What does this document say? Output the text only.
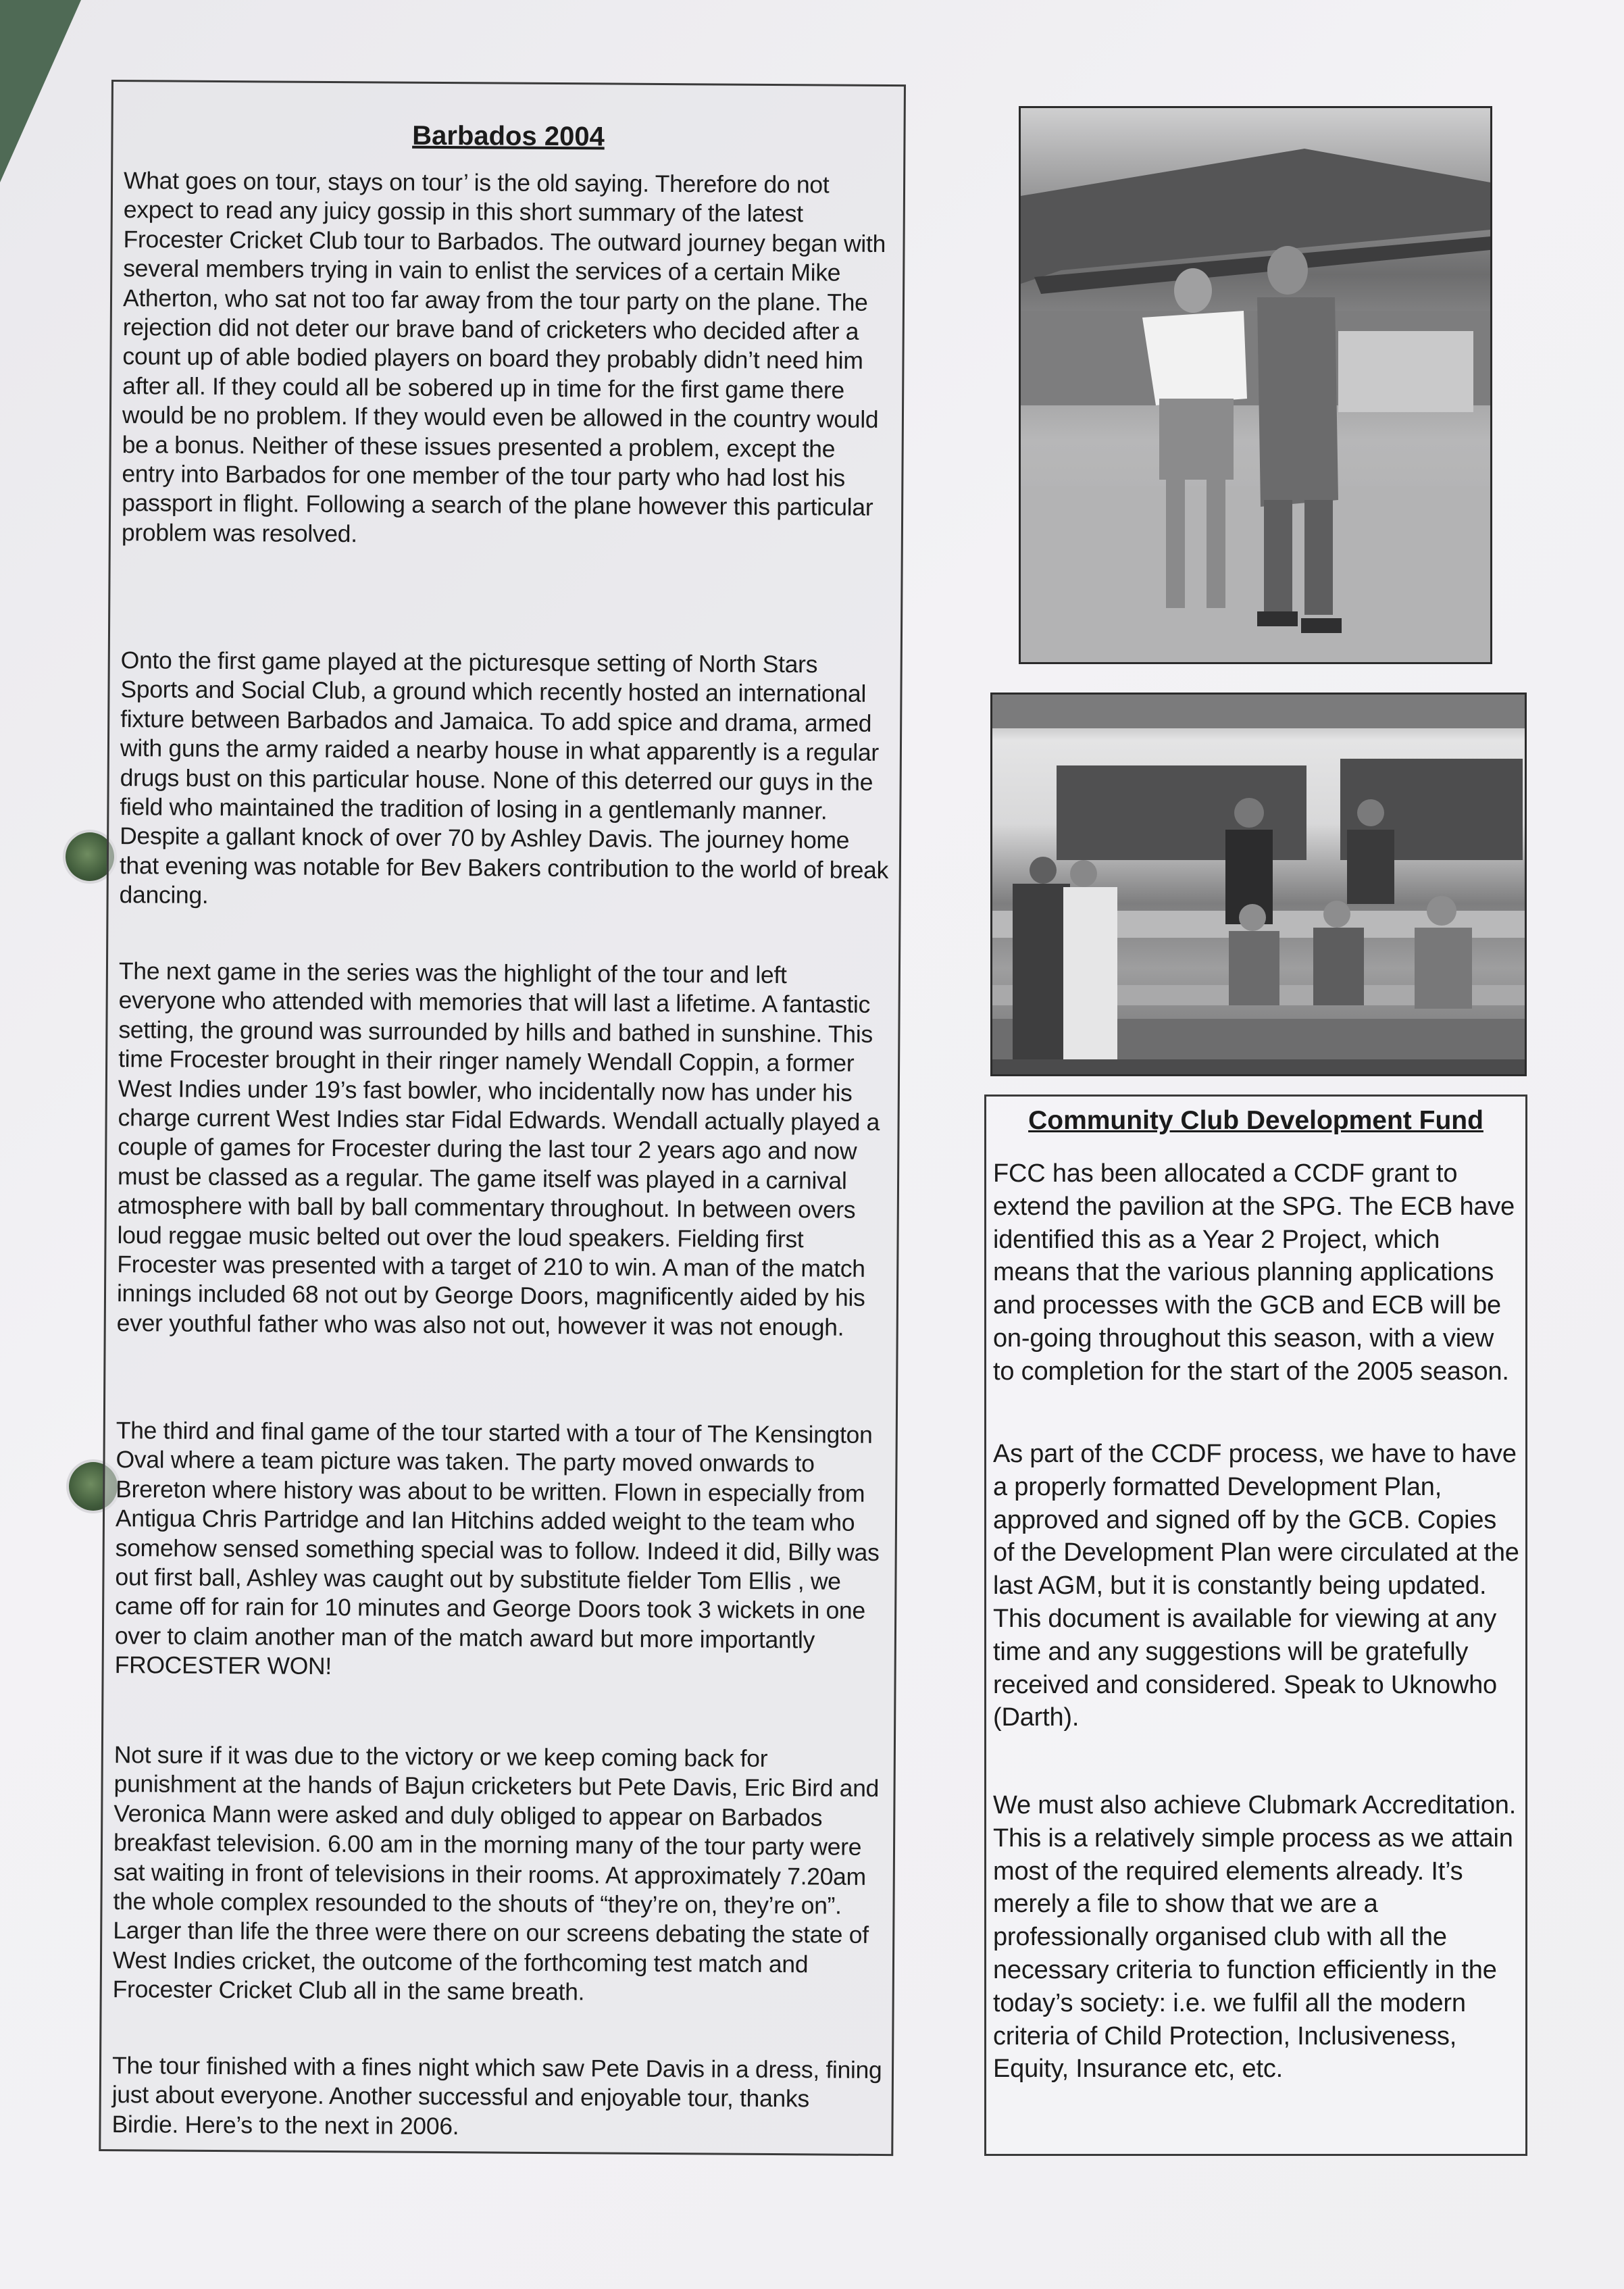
Barbados 2004
What goes on tour, stays on tour’ is the old saying. Therefore do not expect to read any juicy gossip in this short summary of the latest Frocester Cricket Club tour to Barbados. The outward journey began with several members trying in vain to enlist the services of a certain Mike Atherton, who sat not too far away from the tour party on the plane. The rejection did not deter our brave band of cricketers who decided after a count up of able bodied players on board they probably didn’t need him after all. If they could all be sobered up in time for the first game there would be no problem. If they would even be allowed in the country would be a bonus. Neither of these issues presented a problem, except the entry into Barbados for one member of the tour party who had lost his passport in flight. Following a search of the plane however this particular problem was resolved.
Onto the first game played at the picturesque setting of North Stars Sports and Social Club, a ground which recently hosted an international fixture between Barbados and Jamaica. To add spice and drama, armed with guns the army raided a nearby house in what apparently is a regular drugs bust on this particular house. None of this deterred our guys in the field who maintained the tradition of losing in a gentlemanly manner. Despite a gallant knock of over 70 by Ashley Davis. The journey home that evening was notable for Bev Bakers contribution to the world of break dancing.
The next game in the series was the highlight of the tour and left everyone who attended with memories that will last a lifetime. A fantastic setting, the ground was surrounded by hills and bathed in sunshine. This time Frocester brought in their ringer namely Wendall Coppin, a former West Indies under 19’s fast bowler, who incidentally now has under his charge current West Indies star Fidal Edwards. Wendall actually played a couple of games for Frocester during the last tour 2 years ago and now must be classed as a regular. The game itself was played in a carnival atmosphere with ball by ball commentary throughout. In between overs loud reggae music belted out over the loud speakers. Fielding first Frocester was presented with a target of 210 to win. A man of the match innings included 68 not out by George Doors, magnificently aided by his ever youthful father who was also not out, however it was not enough.
The third and final game of the tour started with a tour of The Kensington Oval where a team picture was taken. The party moved onwards to Brereton where history was about to be written. Flown in especially from Antigua Chris Partridge and Ian Hitchins added weight to the team who somehow sensed something special was to follow. Indeed it did, Billy was out first ball, Ashley was caught out by substitute fielder Tom Ellis , we came off for rain for 10 minutes and George Doors took 3 wickets in one over to claim another man of the match award but more importantly FROCESTER WON!
Not sure if it was due to the victory or we keep coming back for punishment at the hands of Bajun cricketers but Pete Davis, Eric Bird and Veronica Mann were asked and duly obliged to appear on Barbados breakfast television. 6.00 am in the morning many of the tour party were sat waiting in front of televisions in their rooms. At approximately 7.20am the whole complex resounded to the shouts of “they’re on, they’re on”. Larger than life the three were there on our screens debating the state of West Indies cricket, the outcome of the forthcoming test match and Frocester Cricket Club all in the same breath.
The tour finished with a fines night which saw Pete Davis in a dress, fining just about everyone. Another successful and enjoyable tour, thanks Birdie. Here’s to the next in 2006.
Community Club Development Fund
FCC has been allocated a CCDF grant to extend the pavilion at the SPG. The ECB have identified this as a Year 2 Project, which means that the various planning applications and processes with the GCB and ECB will be on-going throughout this season, with a view to completion for the start of the 2005 season.
As part of the CCDF process, we have to have a properly formatted Development Plan, approved and signed off by the GCB. Copies of the Development Plan were circulated at the last AGM, but it is constantly being updated. This document is available for viewing at any time and any suggestions will be gratefully received and considered. Speak to Uknowho (Darth).
We must also achieve Clubmark Accreditation. This is a relatively simple process as we attain most of the required elements already. It’s merely a file to show that we are a professionally organised club with all the necessary criteria to function efficiently in the today’s society: i.e. we fulfil all the modern criteria of Child Protection, Inclusiveness, Equity, Insurance etc, etc.
